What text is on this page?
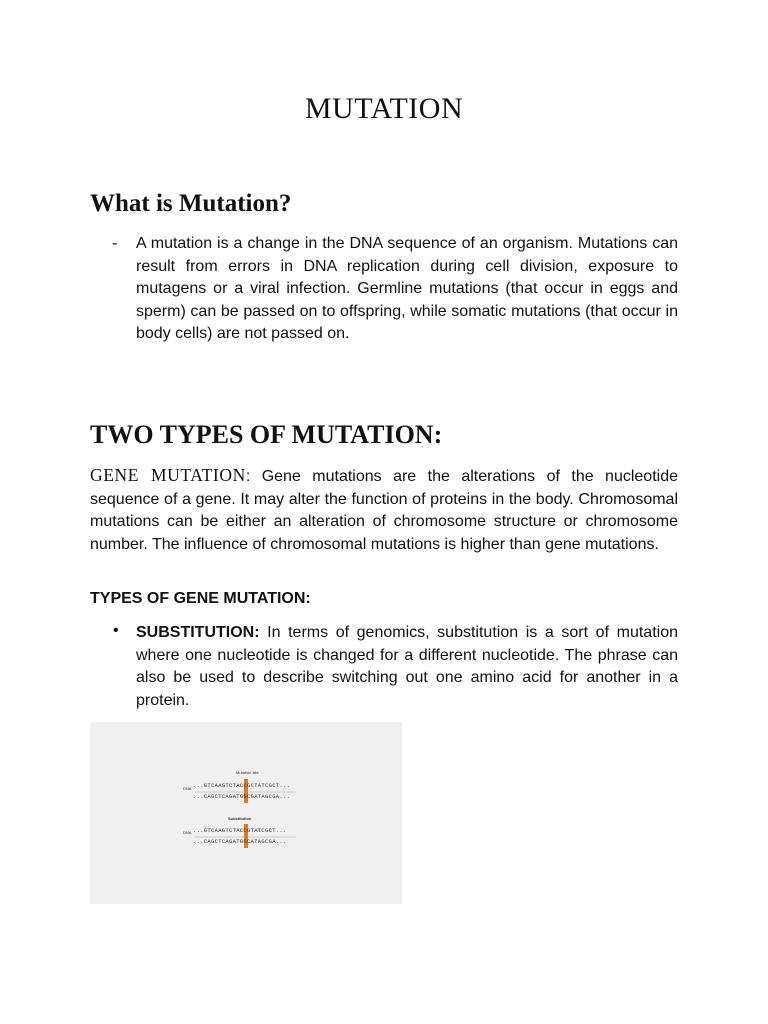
MUTATION
What is Mutation?
- A mutation is a change in the DNA sequence of an organism. Mutations can result from errors in DNA replication during cell division, exposure to mutagens or a viral infection. Germline mutations (that occur in eggs and sperm) can be passed on to offspring, while somatic mutations (that occur in body cells) are not passed on.
TWO TYPES OF MUTATION:
GENE MUTATION: Gene mutations are the alterations of the nucleotide sequence of a gene. It may alter the function of proteins in the body. Chromosomal mutations can be either an alteration of chromosome structure or chromosome number. The influence of chromosomal mutations is higher than gene mutations.
TYPES OF GENE MUTATION:
• SUBSTITUTION: In terms of genomics, substitution is a sort of mutation where one nucleotide is changed for a different nucleotide. The phrase can also be used to describe switching out one amino acid for another in a protein.
Mutation site
DNA ...GTCAAGTCTACCGCTATCGCT...
...CAGCTCAGATGGCGATAGCGA...
Substitution
DNA ...GTCAAGTCTACCGTATCGCT...
...CAGCTCAGATGGCATAGCGA...
